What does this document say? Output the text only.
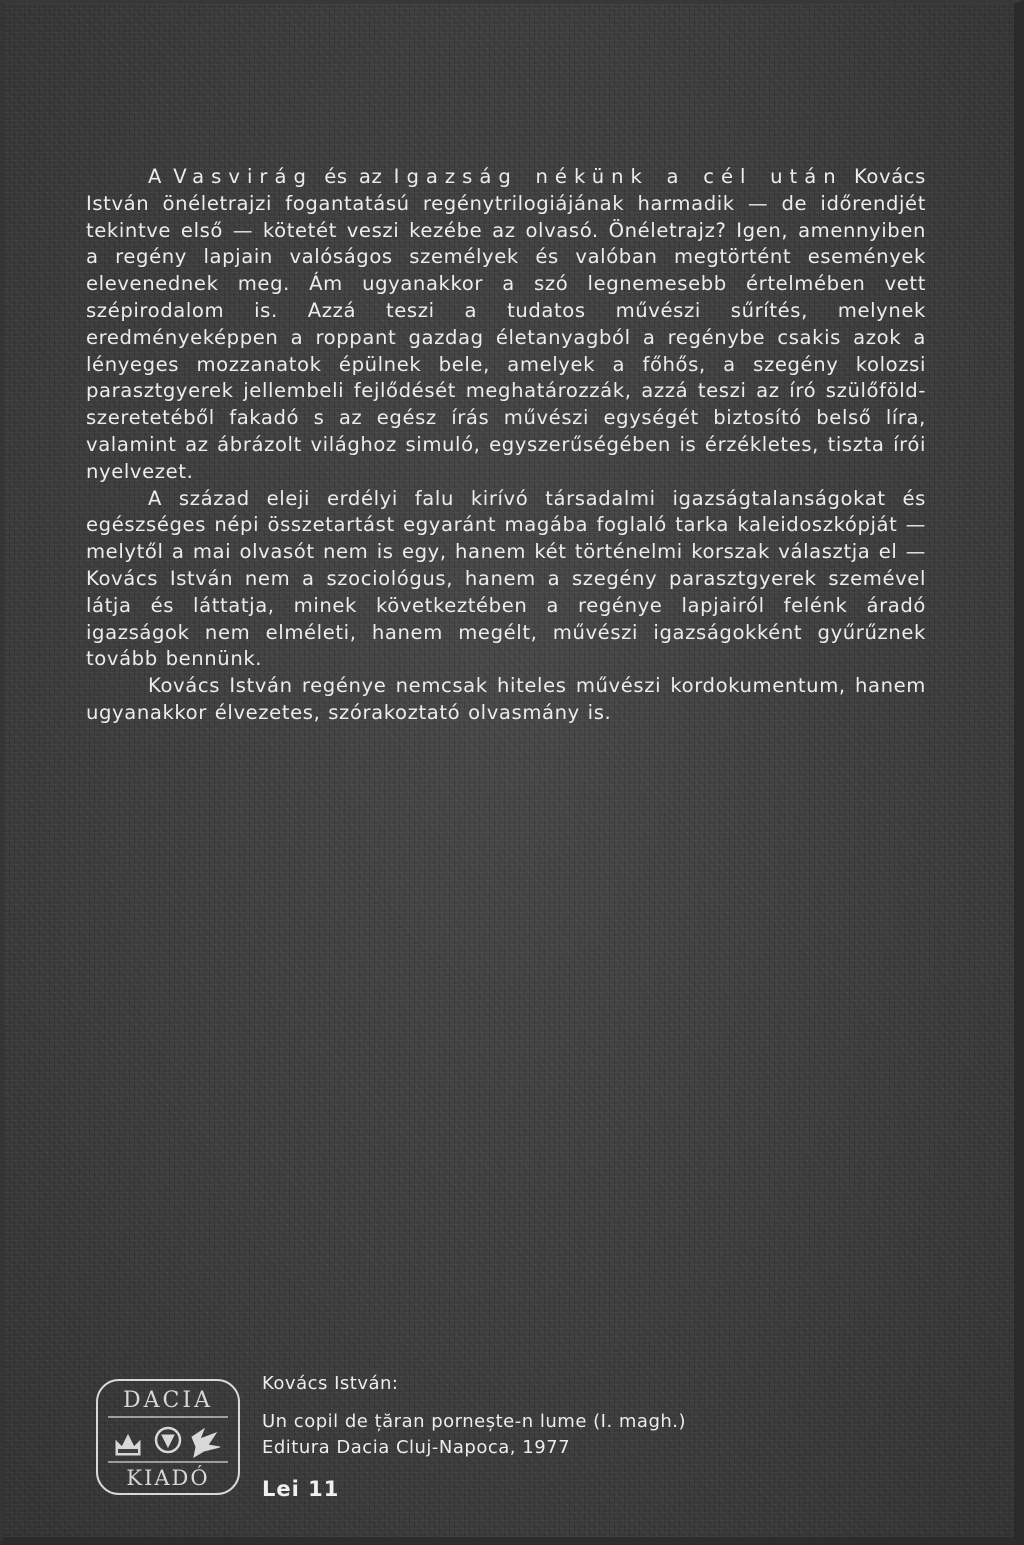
A Vasvirág és az Igazság nékünk a cél után Kovács István önéletrajzi fogantatású regénytrilogiájának harmadik — de időrendjét tekintve első — kötetét veszi kezébe az olvasó. Önéletrajz? Igen, amennyiben a regény lapjain valóságos személyek és valóban megtörtént események elevenednek meg. Ám ugyanakkor a szó legnemesebb értelmében vett szépirodalom is. Azzá teszi a tudatos művészi sűrítés, melynek eredményeképpen a roppant gazdag életanyagból a regénybe csakis azok a lényeges mozzanatok épülnek bele, amelyek a főhős, a szegény kolozsi parasztgyerek jellembeli fejlődését meghatározzák, azzá teszi az író szülőföld-szeretetéből fakadó s az egész írás művészi egységét biztosító belső líra, valamint az ábrázolt világhoz simuló, egyszerűségében is érzékletes, tiszta írói nyelvezet.

A század eleji erdélyi falu kirívó társadalmi igazságtalanságokat és egészséges népi összetartást egyaránt magába foglaló tarka kaleidoszkópját — melytől a mai olvasót nem is egy, hanem két történelmi korszak választja el — Kovács István nem a szociológus, hanem a szegény parasztgyerek szemével látja és láttatja, minek következtében a regénye lapjairól felénk áradó igazságok nem elméleti, hanem megélt, művészi igazságokként gyűrűznek tovább bennünk.

Kovács István regénye nemcsak hiteles művészi kordokumentum, hanem ugyanakkor élvezetes, szórakoztató olvasmány is.

DACIA
KIADÓ
Kovács István:
Un copil de țăran pornește-n lume (I. magh.)
Editura Dacia Cluj-Napoca, 1977
Lei 11
